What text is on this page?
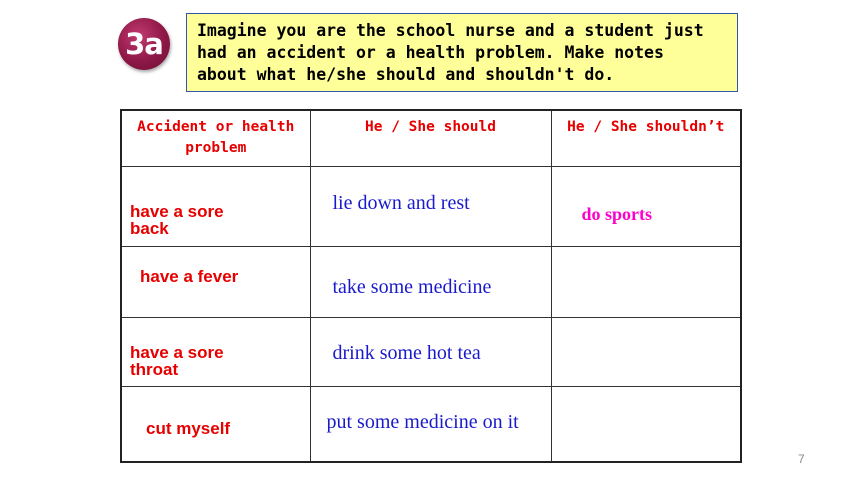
3a Imagine you are the school nurse and a student just
had an accident or a health problem. Make notes
about what he/she should and shouldn't do.
Accident or health
problem	He / She should	He / She shouldn’t

have a sore
back	lie down and rest	do sports

have a fever	take some medicine	

have a sore
throat	drink some hot tea	

cut myself	put some medicine on it	

7
